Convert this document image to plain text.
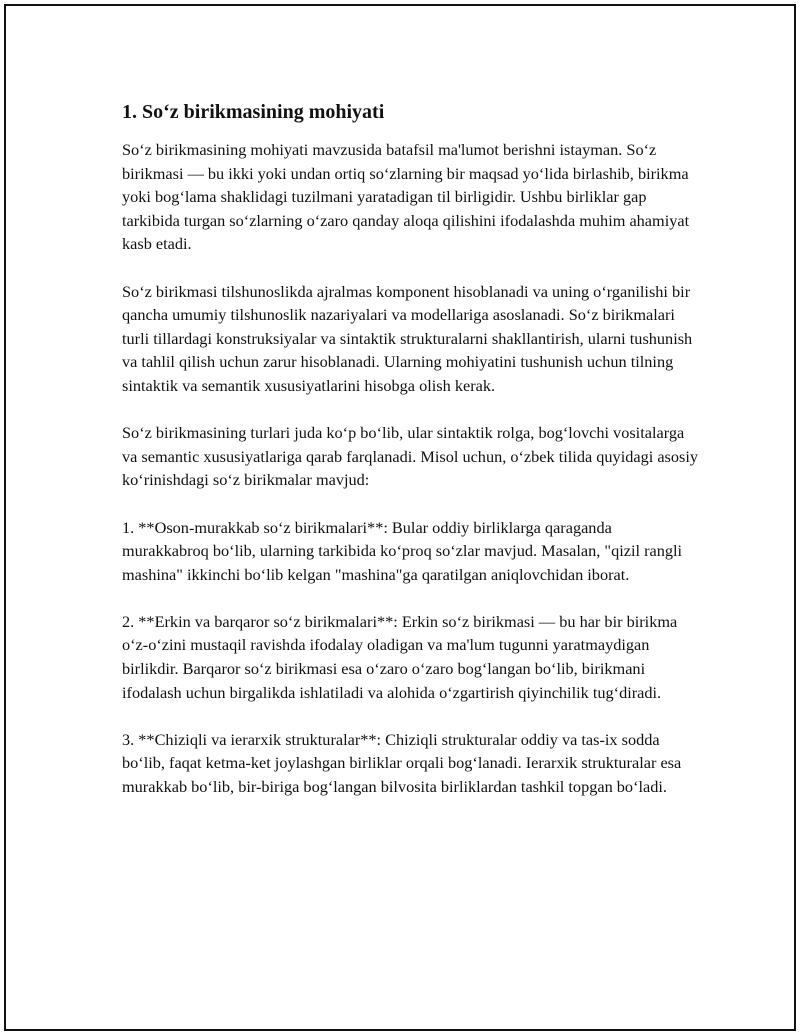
1. So‘z birikmasining mohiyati

So‘z birikmasining mohiyati mavzusida batafsil ma'lumot berishni istayman. So‘z birikmasi — bu ikki yoki undan ortiq so‘zlarning bir maqsad yo‘lida birlashib, birikma yoki bog‘lama shaklidagi tuzilmani yaratadigan til birligidir. Ushbu birliklar gap tarkibida turgan so‘zlarning o‘zaro qanday aloqa qilishini ifodalashda muhim ahamiyat kasb etadi.

So‘z birikmasi tilshunoslikda ajralmas komponent hisoblanadi va uning o‘rganilishi bir qancha umumiy tilshunoslik nazariyalari va modellariga asoslanadi. So‘z birikmalari turli tillardagi konstruksiyalar va sintaktik strukturalarni shakllantirish, ularni tushunish va tahlil qilish uchun zarur hisoblanadi. Ularning mohiyatini tushunish uchun tilning sintaktik va semantik xususiyatlarini hisobga olish kerak.

So‘z birikmasining turlari juda ko‘p bo‘lib, ular sintaktik rolga, bog‘lovchi vositalarga va semantic xususiyatlariga qarab farqlanadi. Misol uchun, o‘zbek tilida quyidagi asosiy ko‘rinishdagi so‘z birikmalar mavjud:

1. **Oson-murakkab so‘z birikmalari**: Bular oddiy birliklarga qaraganda murakkabroq bo‘lib, ularning tarkibida ko‘proq so‘zlar mavjud. Masalan, "qizil rangli mashina" ikkinchi bo‘lib kelgan "mashina"ga qaratilgan aniqlovchidan iborat.

2. **Erkin va barqaror so‘z birikmalari**: Erkin so‘z birikmasi — bu har bir birikma o‘z-o‘zini mustaqil ravishda ifodalay oladigan va ma'lum tugunni yaratmaydigan birlikdir. Barqaror so‘z birikmasi esa o‘zaro o‘zaro bog‘langan bo‘lib, birikmani ifodalash uchun birgalikda ishlatiladi va alohida o‘zgartirish qiyinchilik tug‘diradi.

3. **Chiziqli va ierarxik strukturalar**: Chiziqli strukturalar oddiy va tas-ix sodda bo‘lib, faqat ketma-ket joylashgan birliklar orqali bog‘lanadi. Ierarxik strukturalar esa murakkab bo‘lib, bir-biriga bog‘langan bilvosita birliklardan tashkil topgan bo‘ladi.
